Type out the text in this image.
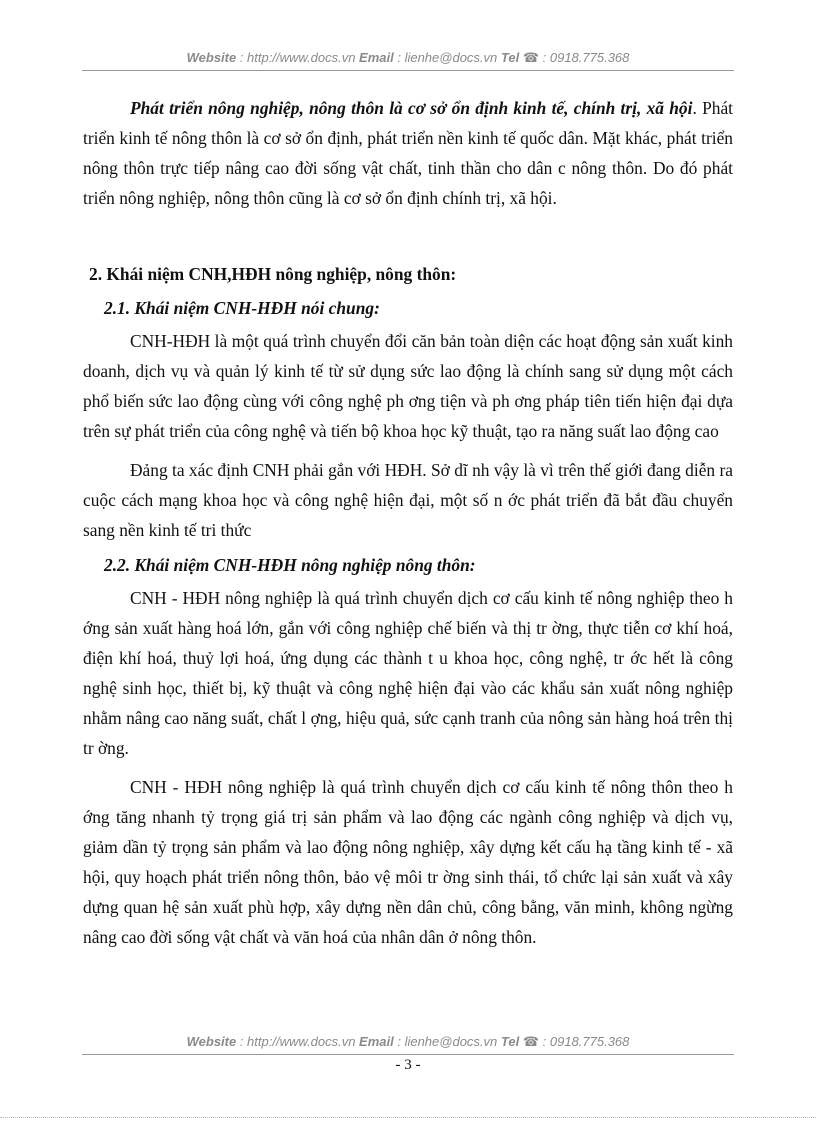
Website : http://www.docs.vn Email : lienhe@docs.vn Tel ☎ : 0918.775.368

Phát triển nông nghiệp, nông thôn là cơ sở ổn định kinh tế, chính trị, xã hội. Phát triển kinh tế nông thôn là cơ sở ổn định, phát triển nền kinh tế quốc dân. Mặt khác, phát triển nông thôn trực tiếp nâng cao đời sống vật chất, tinh thần cho dân c nông thôn. Do đó phát triển nông nghiệp, nông thôn cũng là cơ sở ổn định chính trị, xã hội.

2. Khái niệm CNH,HĐH nông nghiệp, nông thôn:

2.1. Khái niệm CNH-HĐH nói chung:

CNH-HĐH là một quá trình chuyển đổi căn bản toàn diện các hoạt động sản xuất kinh doanh, dịch vụ và quản lý kinh tế từ sử dụng sức lao động là chính sang sử dụng một cách phổ biến sức lao động cùng với công nghệ ph ơng tiện và ph ơng pháp tiên tiến hiện đại dựa trên sự phát triển của công nghệ và tiến bộ khoa học kỹ thuật, tạo ra năng suất lao động cao

Đảng ta xác định CNH phải gắn với HĐH. Sở dĩ nh vậy là vì trên thế giới đang diễn ra cuộc cách mạng khoa học và công nghệ hiện đại, một số n ớc phát triển đã bắt đầu chuyển sang nền kinh tế tri thức

2.2. Khái niệm CNH-HĐH nông nghiệp nông thôn:

CNH - HĐH nông nghiệp là quá trình chuyển dịch cơ cấu kinh tế nông nghiệp theo h ớng sản xuất hàng hoá lớn, gắn với công nghiệp chế biến và thị tr ờng, thực tiễn cơ khí hoá, điện khí hoá, thuỷ lợi hoá, ứng dụng các thành t u khoa học, công nghệ, tr ớc hết là công nghệ sinh học, thiết bị, kỹ thuật và công nghệ hiện đại vào các khẩu sản xuất nông nghiệp nhằm nâng cao năng suất, chất l ợng, hiệu quả, sức cạnh tranh của nông sản hàng hoá trên thị tr ờng.

CNH - HĐH nông nghiệp là quá trình chuyển dịch cơ cấu kinh tế nông thôn theo h ớng tăng nhanh tỷ trọng giá trị sản phẩm và lao động các ngành công nghiệp và dịch vụ, giảm dần tỷ trọng sản phẩm và lao động nông nghiệp, xây dựng kết cấu hạ tầng kinh tế - xã hội, quy hoạch phát triển nông thôn, bảo vệ môi tr ờng sinh thái, tổ chức lại sản xuất và xây dựng quan hệ sản xuất phù hợp, xây dựng nền dân chủ, công bằng, văn minh, không ngừng nâng cao đời sống vật chất và văn hoá của nhân dân ở nông thôn.

Website : http://www.docs.vn Email : lienhe@docs.vn Tel ☎ : 0918.775.368
- 3 -
